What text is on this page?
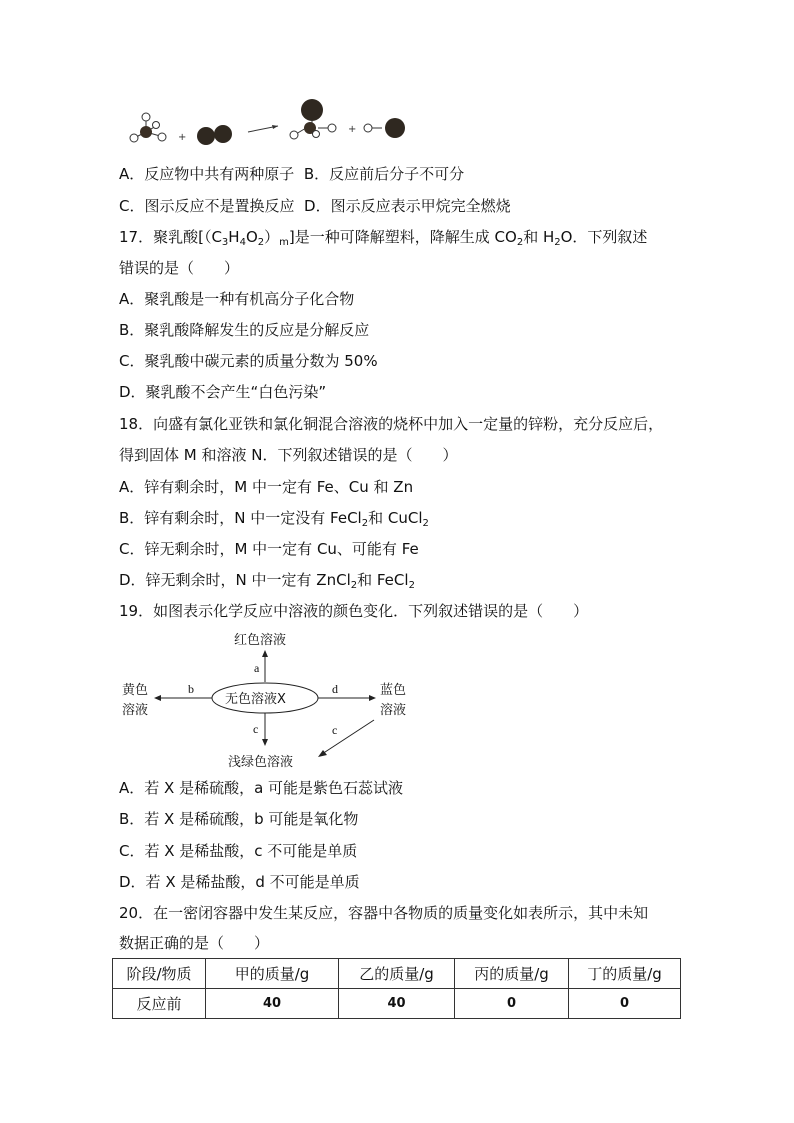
+
+
A．反应物中共有两种原子 B．反应前后分子不可分
C．图示反应不是置换反应 D．图示反应表示甲烷完全燃烧
17．聚乳酸$[(C_3H_4O_2)_m]$是一种可降解塑料，降解生成 $CO_2$和 $H_2O$．下列叙述
错误的是（　　）
A．聚乳酸是一种有机高分子化合物
B．聚乳酸降解发生的反应是分解反应
C．聚乳酸中碳元素的质量分数为 50%
D．聚乳酸不会产生“白色污染”
18．向盛有氯化亚铁和氯化铜混合溶液的烧杯中加入一定量的锌粉，充分反应后，
得到固体 M 和溶液 N．下列叙述错误的是（　　）
A．锌有剩余时，M 中一定有 Fe、Cu 和 Zn
B．锌有剩余时，N 中一定没有 FeCl$_2$和 CuCl$_2$
C．锌无剩余时，M 中一定有 Cu、可能有 Fe
D．锌无剩余时，N 中一定有 ZnCl$_2$和 FeCl$_2$
19．如图表示化学反应中溶液的颜色变化．下列叙述错误的是（　　）
红色溶液
a
无色溶液X
b
黄色
溶液
d	蓝色
溶液
c	c
浅绿色溶液
A．若 X 是稀硫酸，a 可能是紫色石蕊试液
B．若 X 是稀硫酸，b 可能是氧化物
C．若 X 是稀盐酸，c 不可能是单质
D．若 X 是稀盐酸，d 不可能是单质
20．在一密闭容器中发生某反应，容器中各物质的质量变化如表所示，其中未知
数据正确的是（　　）
阶段/物质	甲的质量/g	乙的质量/g	丙的质量/g	丁的质量/g
反应前	40	40	0	0
